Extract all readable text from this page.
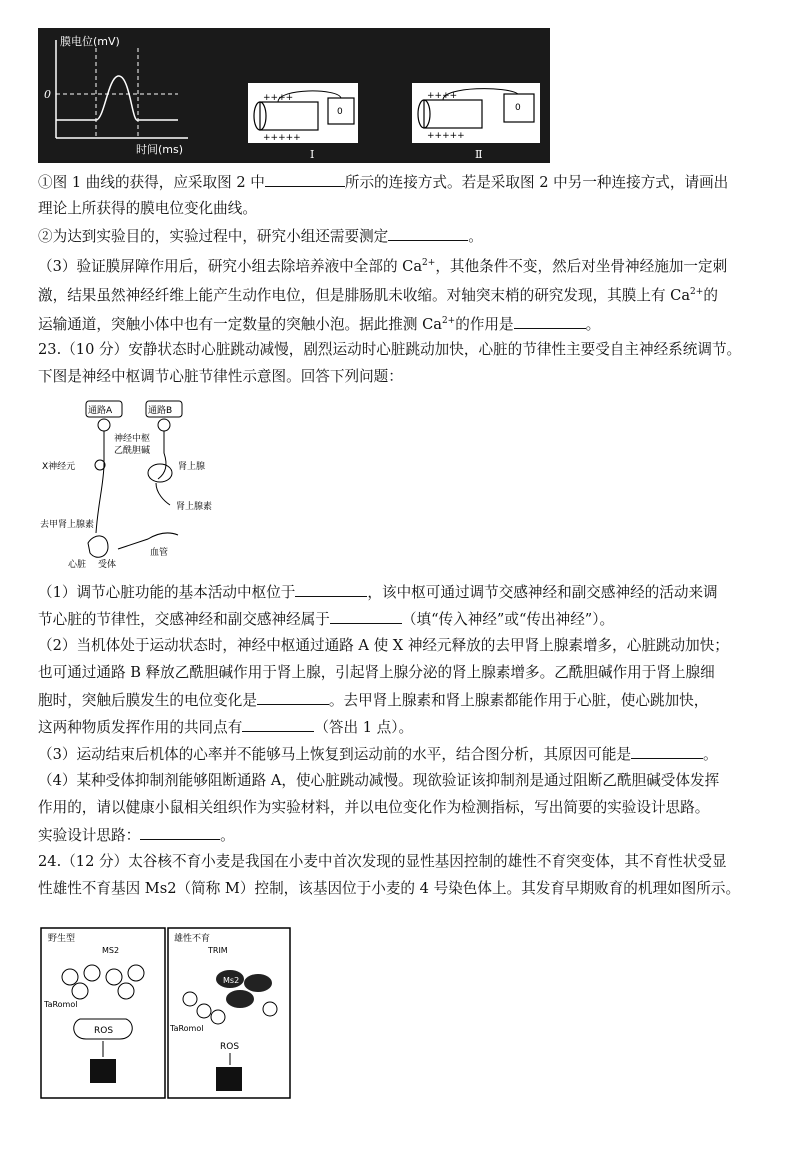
膜电位(mV)
0
时间(ms)
++++
+++++
0
Ⅰ
++++
+++++
0
Ⅱ
①图 1 曲线的获得，应采取图 2 中	所示的连接方式。若是采取图 2 中另一种连接方式，请画出
理论上所获得的膜电位变化曲线。
②为达到实验目的，实验过程中，研究小组还需要测定	。
（3）验证膜屏障作用后，研究小组去除培养液中全部的 $Ca^{2+}$，其他条件不变，然后对坐骨神经施加一定刺
激，结果虽然神经纤维上能产生动作电位，但是腓肠肌未收缩。对轴突末梢的研究发现，其膜上有 $Ca^{2+}$的
运输通道，突触小体中也有一定数量的突触小泡。据此推测 $Ca^{2+}$的作用是	。
23.（10 分）安静状态时心脏跳动减慢，剧烈运动时心脏跳动加快，心脏的节律性主要受自主神经系统调节。
下图是神经中枢调节心脏节律性示意图。回答下列问题：
通路A	通路B
神经中枢
乙酰胆碱
X神经元	肾上腺
肾上腺素
去甲肾上腺素
血管
心脏 受体
（1）调节心脏功能的基本活动中枢位于	，该中枢可通过调节交感神经和副交感神经的活动来调
节心脏的节律性，交感神经和副交感神经属于	（填“传入神经”或“传出神经”）。
（2）当机体处于运动状态时，神经中枢通过通路 A 使 X 神经元释放的去甲肾上腺素增多，心脏跳动加快；
也可通过通路 B 释放乙酰胆碱作用于肾上腺，引起肾上腺分泌的肾上腺素增多。乙酰胆碱作用于肾上腺细
胞时，突触后膜发生的电位变化是	。去甲肾上腺素和肾上腺素都能作用于心脏，使心跳加快，
这两种物质发挥作用的共同点有	（答出 1 点）。
（3）运动结束后机体的心率并不能够马上恢复到运动前的水平，结合图分析，其原因可能是	。
（4）某种受体抑制剂能够阻断通路 A，使心脏跳动减慢。现欲验证该抑制剂是通过阻断乙酰胆碱受体发挥
作用的，请以健康小鼠相关组织作为实验材料，并以电位变化作为检测指标，写出简要的实验设计思路。
实验设计思路：	。
24.（12 分）太谷核不育小麦是我国在小麦中首次发现的显性基因控制的雄性不育突变体，其不育性状受显
性雄性不育基因 Ms2（简称 M）控制，该基因位于小麦的 4 号染色体上。其发育早期败育的机理如图所示。
野生型	雄性不育
MS2	TRIM
TaRomol
ROS
Ms2
TaRomol
ROS
